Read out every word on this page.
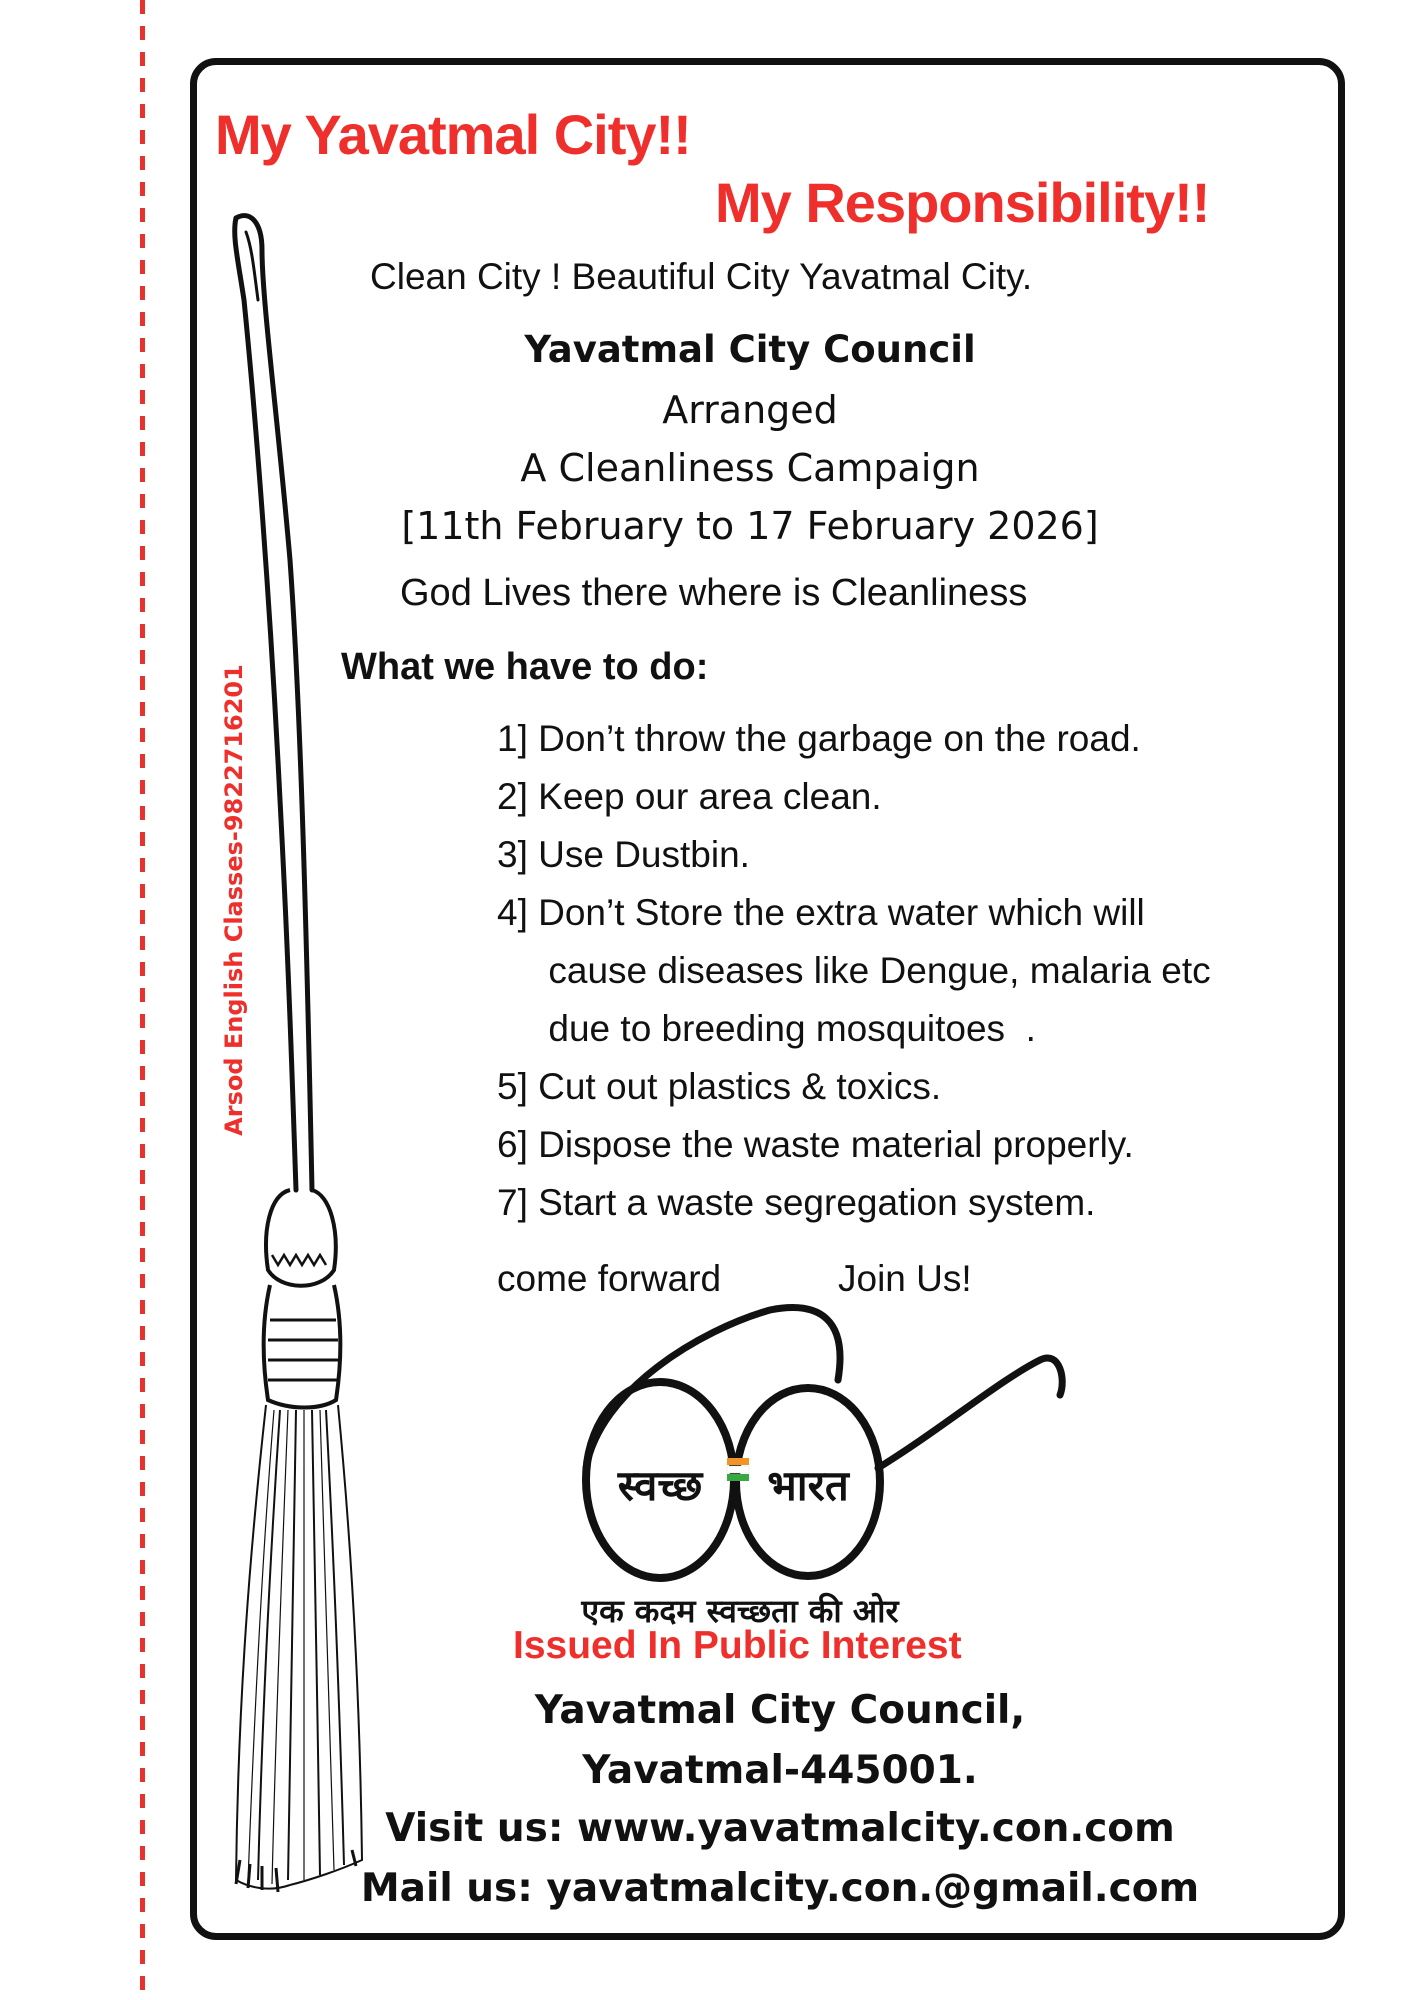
My Yavatmal City!!
My Responsibility!!
Clean City ! Beautiful City Yavatmal City.
Yavatmal City Council
Arranged
A Cleanliness Campaign
[11th February to 17 February 2026]
God Lives there where is Cleanliness
What we have to do:
1] Don’t throw the garbage on the road.
2] Keep our area clean.
3] Use Dustbin.
4] Don’t Store the extra water which will
cause diseases like Dengue, malaria etc
due to breeding mosquitoes  .
5] Cut out plastics & toxics.
6] Dispose the waste material properly.
7] Start a waste segregation system.
come forward	Join Us!
Arsod English Classes-9822716201
स्वच्छ भारत
एक कदम स्वच्छता की ओर
Issued In Public Interest
Yavatmal City Council,
Yavatmal-445001.
Visit us: www.yavatmalcity.con.com
Mail us: yavatmalcity.con.@gmail.com
